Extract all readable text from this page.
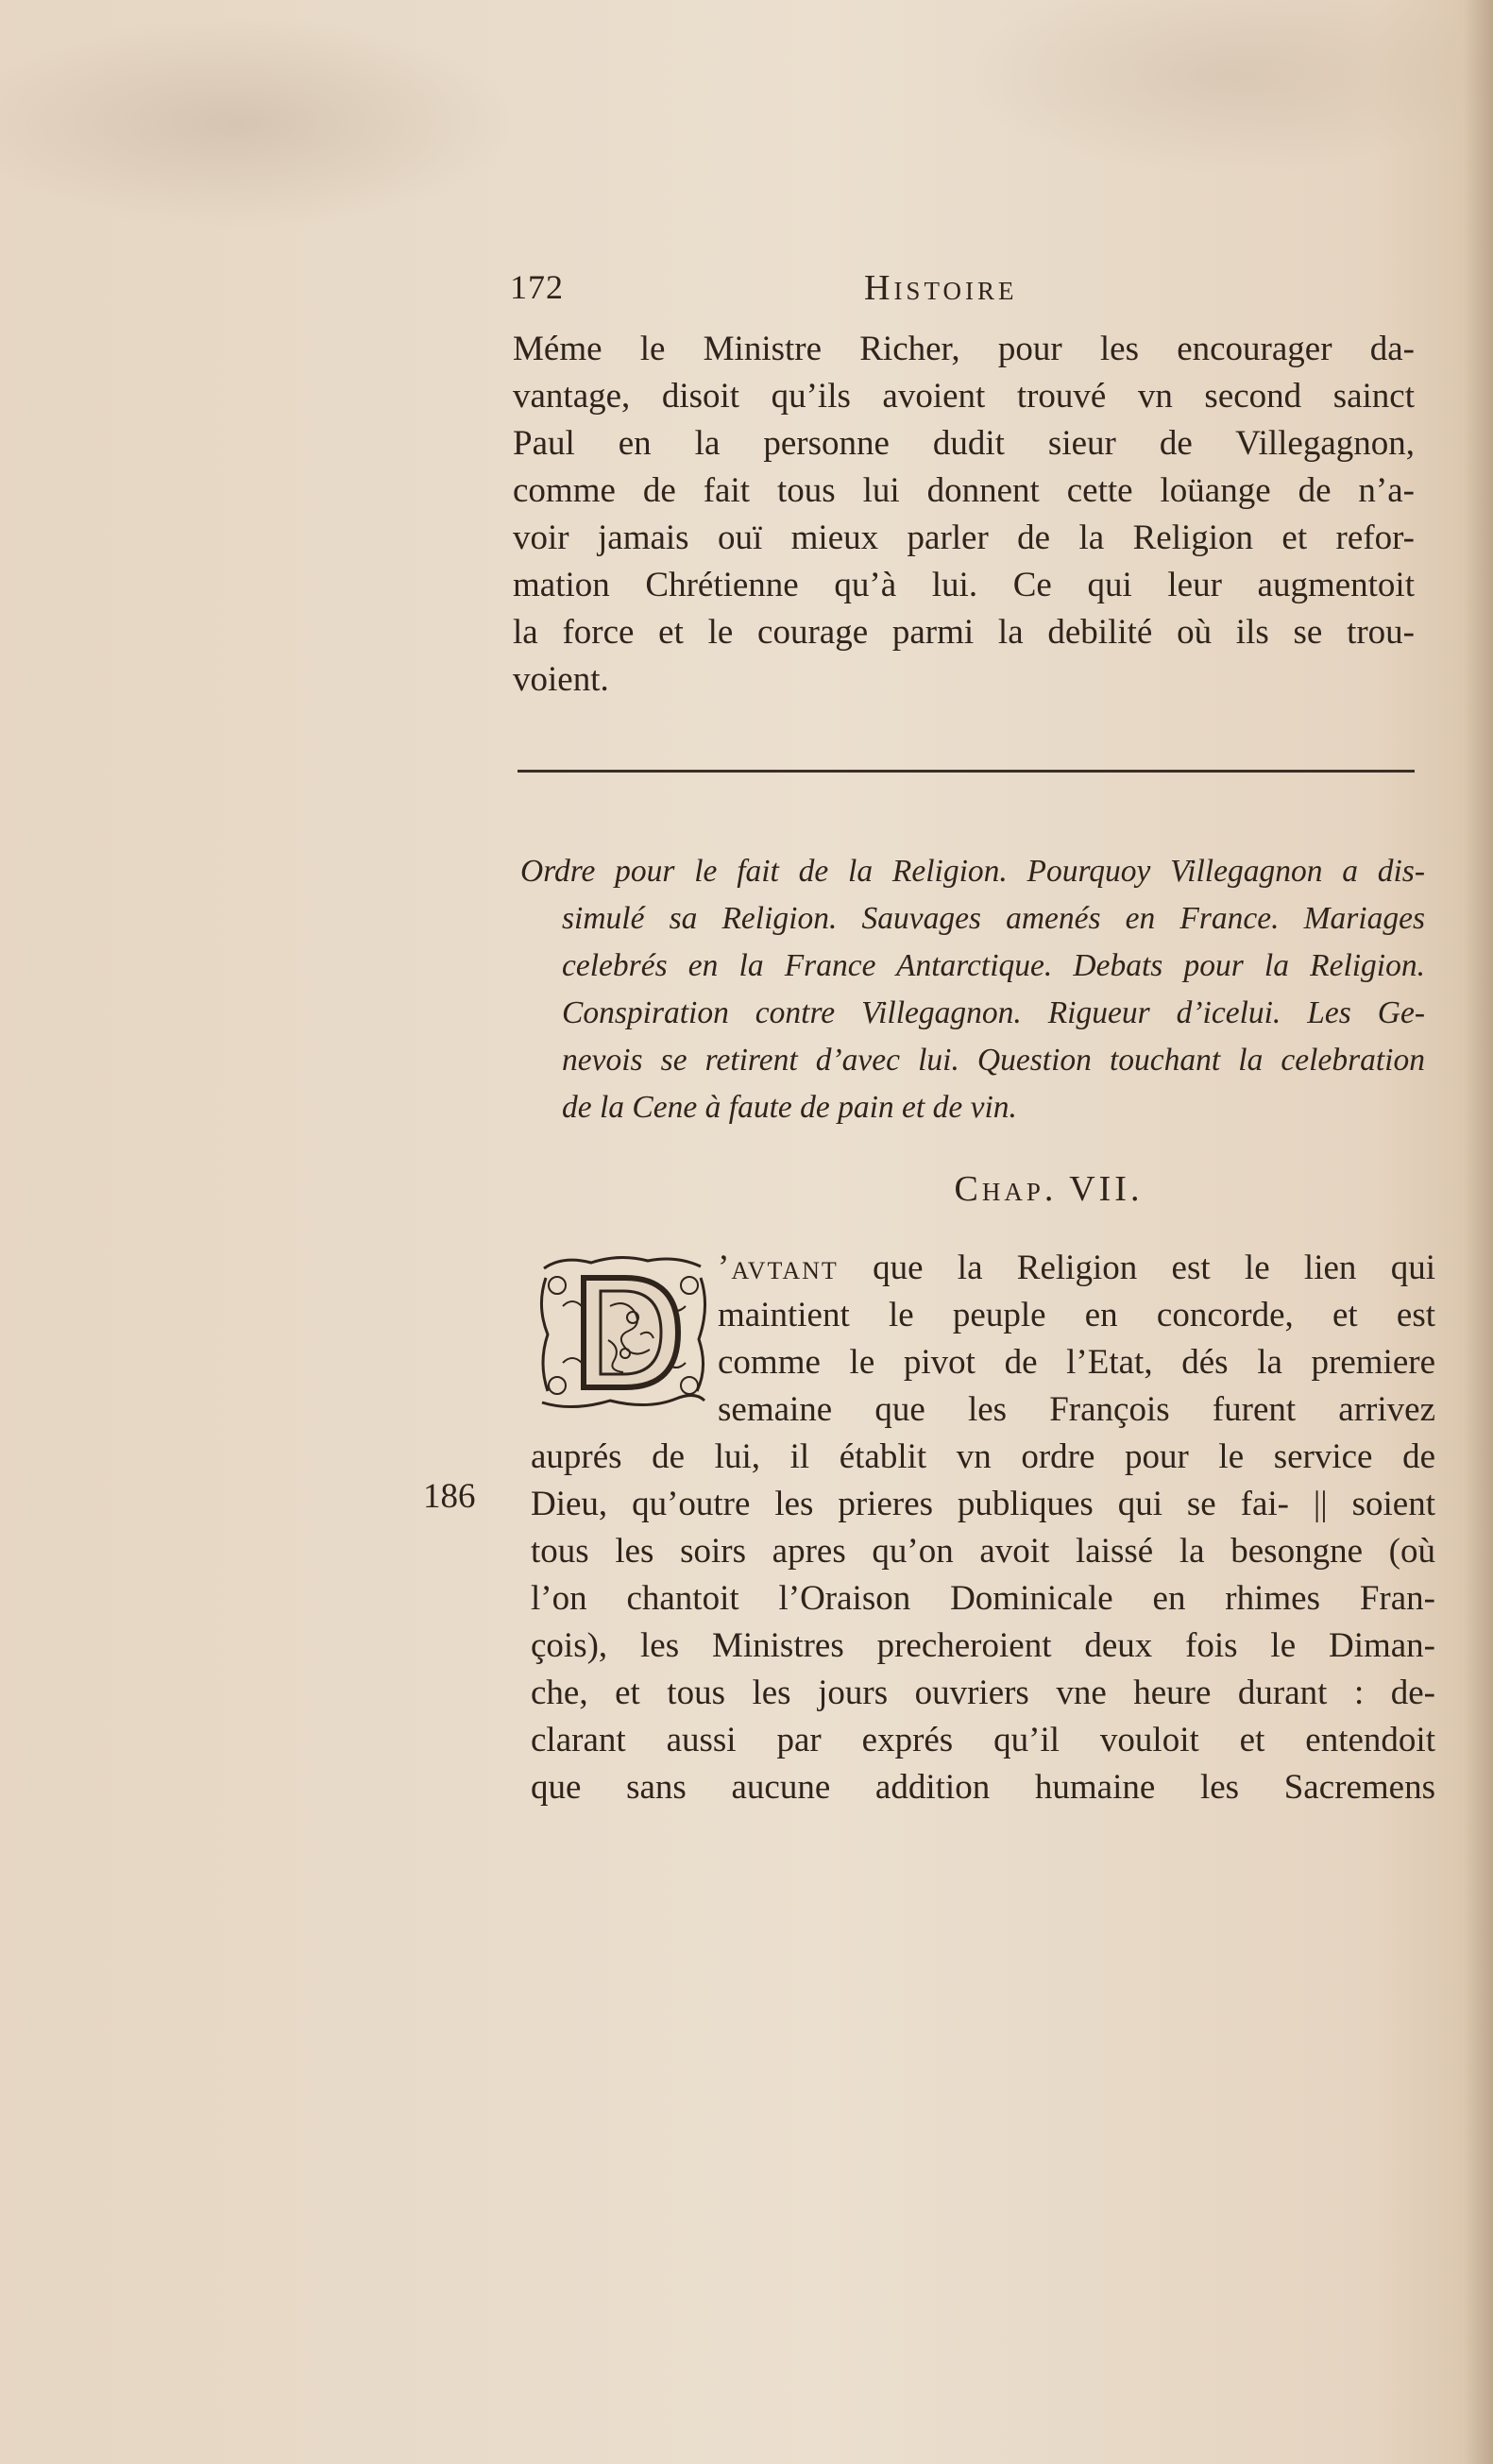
172	Histoire
Méme le Ministre Richer, pour les encourager da-
vantage, disoit qu’ils avoient trouvé vn second sainct
Paul en la personne dudit sieur de Villegagnon,
comme de fait tous lui donnent cette loüange de n’a-
voir jamais ouï mieux parler de la Religion et refor-
mation Chrétienne qu’à lui. Ce qui leur augmentoit
la force et le courage parmi la debilité où ils se trou-
voient.
Ordre pour le fait de la Religion. Pourquoy Villegagnon a dis-
simulé sa Religion. Sauvages amenés en France. Mariages
celebrés en la France Antarctique. Debats pour la Religion.
Conspiration contre Villegagnon. Rigueur d’icelui. Les Ge-
nevois se retirent d’avec lui. Question touchant la celebration
de la Cene à faute de pain et de vin.
Chap. VII.
’avtant que la Religion est le lien qui
maintient le peuple en concorde, et est
comme le pivot de l’Etat, dés la premiere
semaine que les François furent arrivez
auprés de lui, il établit vn ordre pour le service de
Dieu, qu’outre les prieres publiques qui se fai- || soient
tous les soirs apres qu’on avoit laissé la besongne (où
l’on chantoit l’Oraison Dominicale en rhimes Fran-
çois), les Ministres precheroient deux fois le Diman-
che, et tous les jours ouvriers vne heure durant : de-
clarant aussi par exprés qu’il vouloit et entendoit
que sans aucune addition humaine les Sacremens
186
